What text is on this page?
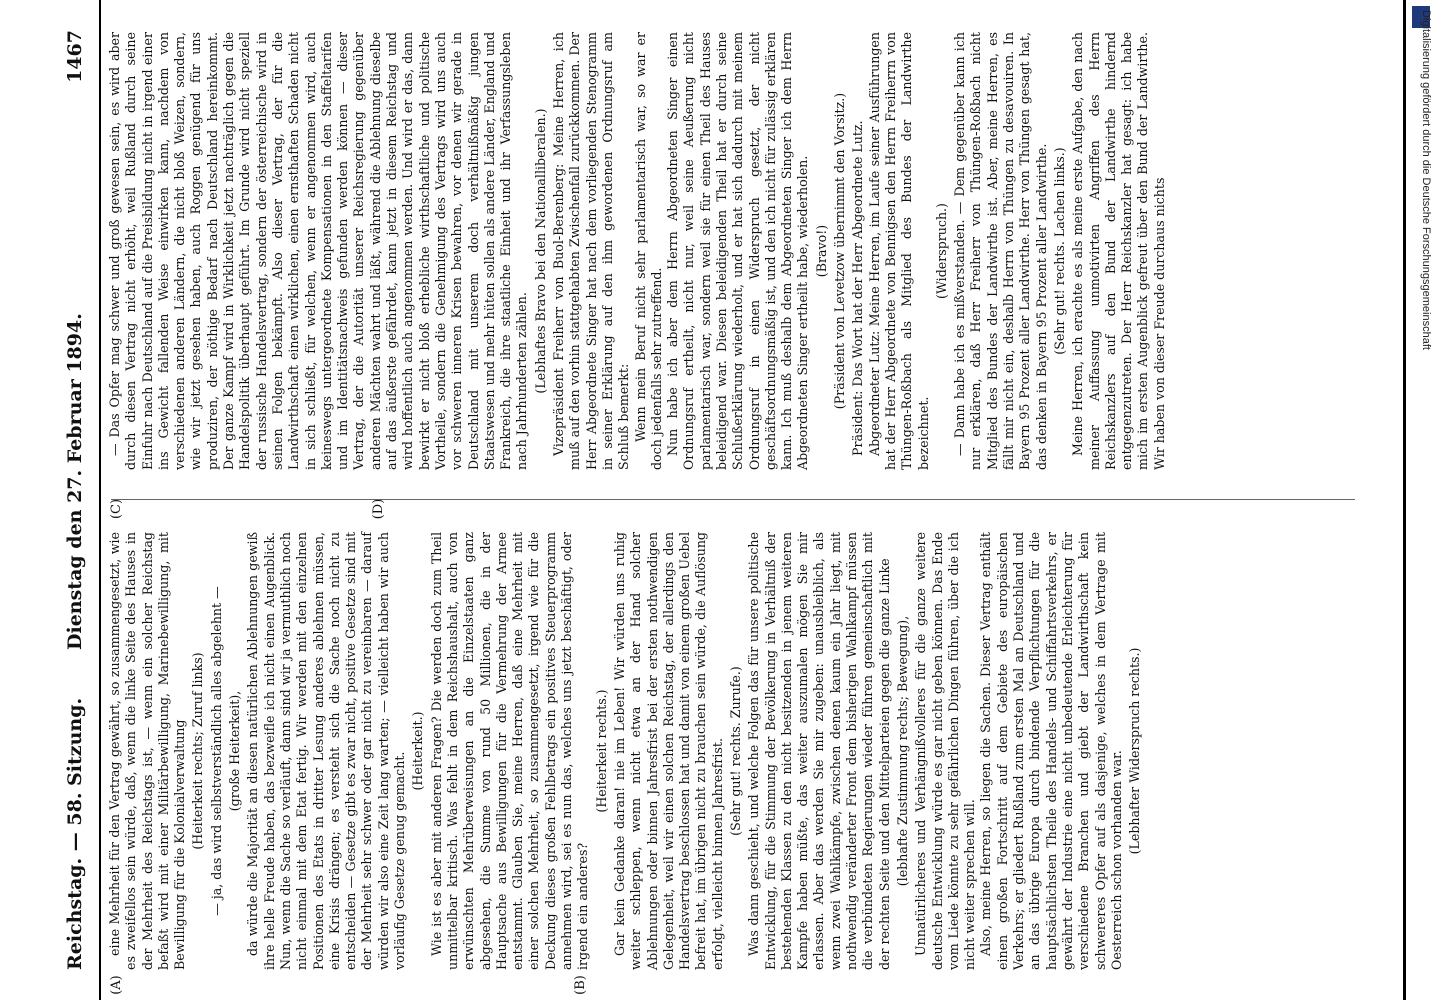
Reichstag. — 58. Sitzung.
Dienstag den 27. Februar 1894.
1467
(A)	(B)
(C)	(D)

eine Mehrheit für den Vertrag gewährt, so zusammengesetzt, wie es zweifellos sein würde, daß, wenn die linke Seite des Hauses in der Mehrheit des Reichstags ist, — wenn ein solcher Reichstag befaßt wird mit einer Militärbewilligung, Marinebewilligung, mit Bewilligung für die Kolonialverwaltung (Heiterkeit rechts; Zuruf links) — ja, das wird selbstverständlich alles abgelehnt — (große Heiterkeit), da würde die Majorität an diesen natürlichen Ablehnungen gewiß ihre helle Freude haben, das bezweifle ich nicht einen Augenblick. Nun, wenn die Sache so verläuft, dann sind wir ja vermuthlich noch nicht einmal mit dem Etat fertig. Wir werden mit den einzelnen Positionen des Etats in dritter Lesung anderes ablehnen müssen, eine Krisis drängen; es versteht sich die Sache noch nicht zu entscheiden — Gesetze gibt es zwar nicht, positive Gesetze sind mit der Mehrheit sehr schwer oder gar nicht zu vereinbaren — darauf würden wir also eine Zeit lang warten; — vielleicht haben wir auch vorläufig Gesetze genug gemacht.

(Heiterkeit.) Wie ist es aber mit anderen Fragen? Die werden doch zum Theil unmittelbar kritisch. Was fehlt in dem Reichshaushalt, auch von erwünschten Mehrüberweisungen an die Einzelstaaten ganz abgesehen, die Summe von rund 50 Millionen, die in der Hauptsache aus Bewilligungen für die Vermehrung der Armee entstammt. Glauben Sie, meine Herren, daß eine Mehrheit mit einer solchen Mehrheit, so zusammengesetzt, irgend wie für die Deckung dieses großen Fehlbetrags ein positives Steuerprogramm annehmen wird, sei es nun das, welches uns jetzt beschäftigt, oder irgend ein anderes?

(Heiterkeit rechts.) Gar kein Gedanke daran! nie im Leben! Wir würden uns ruhig weiter schleppen, wenn nicht etwa an der Hand solcher Ablehnungen oder binnen Jahresfrist bei der ersten nothwendigen Gelegenheit, weil wir einen solchen Reichstag, der allerdings den Handelsvertrag beschlossen hat und damit von einem großen Uebel befreit hat, im übrigen nicht zu brauchen sein würde, die Auflösung erfolgt, vielleicht binnen Jahresfrist. (Sehr gut! rechts. Zurufe.) Was dann geschieht, und welche Folgen das für unsere politische Entwicklung, für die Stimmung der Bevölkerung in Verhältniß der bestehenden Klassen zu den nicht besitzenden in jenem weiteren Kampfe haben müßte, das weiter auszumalen mögen Sie mir erlassen. Aber das werden Sie mir zugeben: unausbleiblich, als wenn zwei Wahlkämpfe, zwischen denen kaum ein Jahr liegt, mit nothwendig veränderter Front dem bisherigen Wahlkampf müssen die verbündeten Regierungen wieder führen gemeinschaftlich mit der rechten Seite und den Mittelparteien gegen die ganze Linke (lebhafte Zustimmung rechts; Bewegung), Unnatürlicheres und Verhängnißvolleres für die ganze weitere deutsche Entwicklung würde es gar nicht geben können. Das Ende vom Liede könnte zu sehr gefährlichen Dingen führen, über die ich nicht weiter sprechen will. Also, meine Herren, so liegen die Sachen. Dieser Vertrag enthält einen großen Fortschritt auf dem Gebiete des europäischen Verkehrs; er gliedert Rußland zum ersten Mal an Deutschland und an das übrige Europa durch bindende Verpflichtungen für die hauptsächlichsten Theile des Handels- und Schiffahrtsverkehrs, er gewährt der Industrie eine nicht unbedeutende Erleichterung für verschiedene Branchen und giebt der Landwirthschaft kein schwereres Opfer auf als dasjenige, welches in dem Vertrage mit Oesterreich schon vorhanden war. (Lebhafter Widerspruch rechts.)

— Das Opfer mag schwer und groß gewesen sein, es wird aber durch diesen Vertrag nicht erhöht, weil Rußland durch seine Einfuhr nach Deutschland auf die Preisbildung nicht in irgend einer ins Gewicht fallenden Weise einwirken kann, nachdem von verschiedenen anderen Ländern, die nicht bloß Weizen, sondern, wie wir jetzt gesehen haben, auch Roggen genügend für uns produziren, der nöthige Bedarf nach Deutschland hereinkommt. Der ganze Kampf wird in Wirklichkeit jetzt nachträglich gegen die Handelspolitik überhaupt geführt. Im Grunde wird nicht speziell der russische Handelsvertrag, sondern der österreichische wird in seinen Folgen bekämpft. Also dieser Vertrag, der für die Landwirthschaft einen wirklichen, einen ernsthaften Schaden nicht in sich schließt, für welchen, wenn er angenommen wird, auch keineswegs untergeordnete Kompensationen in den Staffeltarifen und im Identitätsnachweis gefunden werden können — dieser Vertrag, der die Autorität unserer Reichsregierung gegenüber anderen Mächten wahrt und läßt, während die Ablehnung dieselbe auf das äußerste gefährdet, kann jetzt in diesem Reichstag und wird hoffentlich auch angenommen werden. Und wird er das, dann bewirkt er nicht bloß erhebliche wirthschaftliche und politische Vortheile, sondern die Genehmigung des Vertrags wird uns auch vor schweren inneren Krisen bewahren, vor denen wir gerade in Deutschland mit unserem doch verhältnißmäßig jungen Staatswesen und mehr hüten sollen als andere Länder, England und Frankreich, die ihre staatliche Einheit und ihr Verfassungsleben nach Jahrhunderten zählen. (Lebhaftes Bravo bei den Nationalliberalen.) Vizepräsident Freiherr von Buol-Berenberg: Meine Herren, ich muß auf den vorhin stattgehabten Zwischenfall zurückkommen. Der Herr Abgeordnete Singer hat nach dem vorliegenden Stenogramm in seiner Erklärung auf den ihm gewordenen Ordnungsruf am Schluß bemerkt: Wenn mein Beruf nicht sehr parlamentarisch war, so war er doch jedenfalls sehr zutreffend. Nun habe ich aber dem Herrn Abgeordneten Singer einen Ordnungsruf ertheilt, nicht nur, weil seine Aeußerung nicht parlamentarisch war, sondern weil sie für einen Theil des Hauses beleidigend war. Diesen beleidigenden Theil hat er durch seine Schlußerklärung wiederholt, und er hat sich dadurch mit meinem Ordnungsruf in einen Widerspruch gesetzt, der nicht geschäftsordnungsmäßig ist, und den ich nicht für zulässig erklären kann. Ich muß deshalb dem Abgeordneten Singer ich dem Herrn Abgeordneten Singer ertheilt habe, wiederholen. (Bravo!) (Präsident von Levetzow übernimmt den Vorsitz.) Präsident: Das Wort hat der Herr Abgeordnete Lutz. Abgeordneter Lutz: Meine Herren, im Laufe seiner Ausführungen hat der Herr Abgeordnete von Bennigsen den Herrn Freiherrn von Thüngen-Roßbach als Mitglied des Bundes der Landwirthe bezeichnet.

(Widerspruch.) — Dann habe ich es mißverstanden. — Dem gegenüber kann ich nur erklären, daß Herr Freiherr von Thüngen-Roßbach nicht Mitglied des Bundes der Landwirthe ist. Aber, meine Herren, es fällt mir nicht ein, deshalb Herrn von Thüngen zu desavouiren. In Bayern 95 Prozent aller Landwirthe. Herr von Thüngen gesagt hat, das denken in Bayern 95 Prozent aller Landwirthe. (Sehr gut! rechts. Lachen links.) Meine Herren, ich erachte es als meine erste Aufgabe, den nach meiner Auffassung unmotivirten Angriffen des Herrn Reichskanzlers auf den Bund der Landwirthe hindernd entgegenzutreten. Der Herr Reichskanzler hat gesagt: ich habe mich im ersten Augenblick gefreut über den Bund der Landwirthe. Wir haben von dieser Freude durchaus nichts	Digitalisierung gefördert durch die Deutsche Forschungsgemeinschaft
